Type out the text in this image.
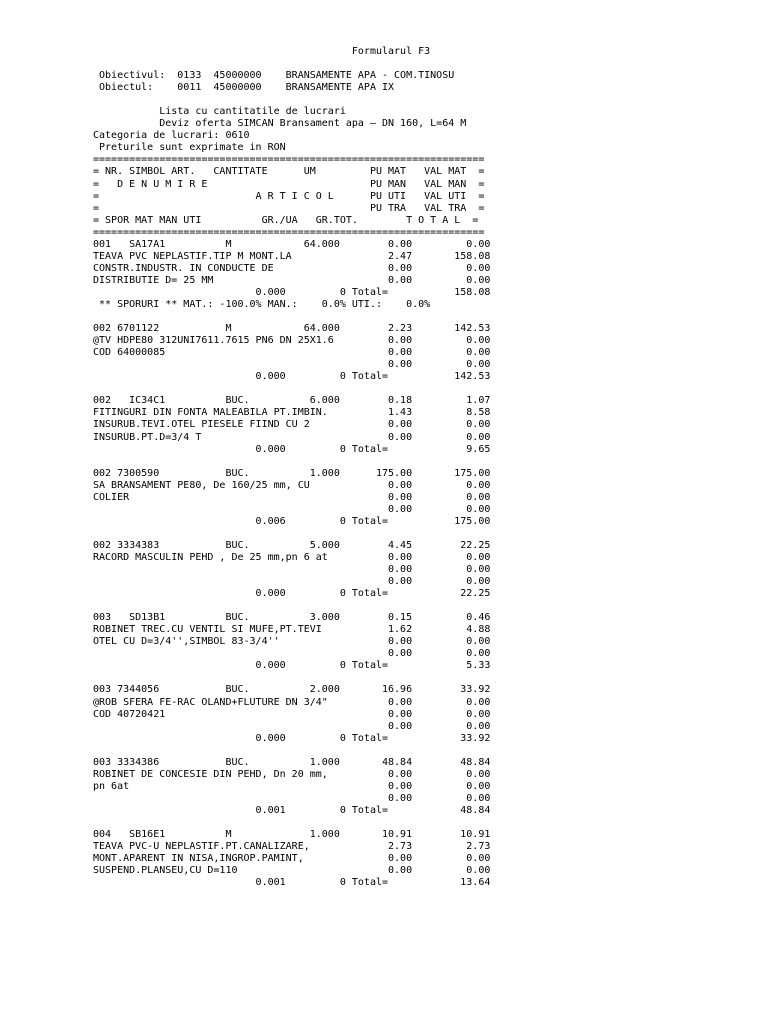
Formularul F3
Obiectivul:  0133  45000000    BRANSAMENTE APA - COM.TINOSU
Obiectul:    0011  45000000    BRANSAMENTE APA IX
Lista cu cantitatile de lucrari
Deviz oferta SIMCAN Bransament apa – DN 160, L=64 M
Categoria de lucrari: 0610
Preturile sunt exprimate in RON
=================================================================
= NR. SIMBOL ART.   CANTITATE      UM         PU MAT   VAL MAT  =
=   D E N U M I R E                           PU MAN   VAL MAN  =
=                          A R T I C O L      PU UTI   VAL UTI  =
=                                             PU TRA   VAL TRA  =
= SPOR MAT MAN UTI          GR./UA   GR.TOT.        T O T A L  =
=================================================================
001   SA17A1          M            64.000        0.00         0.00
TEAVA PVC NEPLASTIF.TIP M MONT.LA                2.47       158.08
CONSTR.INDUSTR. IN CONDUCTE DE                   0.00         0.00
DISTRIBUTIE D= 25 MM                             0.00         0.00
0.000         0 Total=           158.08
** SPORURI ** MAT.: -100.0% MAN.:    0.0% UTI.:    0.0%
002 6701122           M            64.000        2.23       142.53
@TV HDPE80 312UNI7611.7615 PN6 DN 25X1.6         0.00         0.00
COD 64000085                                     0.00         0.00
0.00         0.00
0.000         0 Total=           142.53
002   IC34C1          BUC.          6.000        0.18         1.07
FITINGURI DIN FONTA MALEABILA PT.IMBIN.          1.43         8.58
INSURUB.TEVI.OTEL PIESELE FIIND CU 2             0.00         0.00
INSURUB.PT.D=3/4 T                               0.00         0.00
0.000         0 Total=             9.65
002 7300590           BUC.          1.000      175.00       175.00
SA BRANSAMENT PE80, De 160/25 mm, CU             0.00         0.00
COLIER                                           0.00         0.00
0.00         0.00
0.006         0 Total=           175.00
002 3334383           BUC.          5.000        4.45        22.25
RACORD MASCULIN PEHD , De 25 mm,pn 6 at          0.00         0.00
0.00         0.00
0.00         0.00
0.000         0 Total=            22.25
003   SD13B1          BUC.          3.000        0.15         0.46
ROBINET TREC.CU VENTIL SI MUFE,PT.TEVI           1.62         4.88
OTEL CU D=3/4'',SIMBOL 83-3/4''                  0.00         0.00
0.00         0.00
0.000         0 Total=             5.33
003 7344056           BUC.          2.000       16.96        33.92
@ROB SFERA FE-RAC OLAND+FLUTURE DN 3/4"          0.00         0.00
COD 40720421                                     0.00         0.00
0.00         0.00
0.000         0 Total=            33.92
003 3334386           BUC.          1.000       48.84        48.84
ROBINET DE CONCESIE DIN PEHD, Dn 20 mm,          0.00         0.00
pn 6at                                           0.00         0.00
0.00         0.00
0.001         0 Total=            48.84
004   SB16E1          M             1.000       10.91        10.91
TEAVA PVC-U NEPLASTIF.PT.CANALIZARE,             2.73         2.73
MONT.APARENT IN NISA,INGROP.PAMINT,              0.00         0.00
SUSPEND.PLANSEU,CU D=110                         0.00         0.00
0.001         0 Total=            13.64
